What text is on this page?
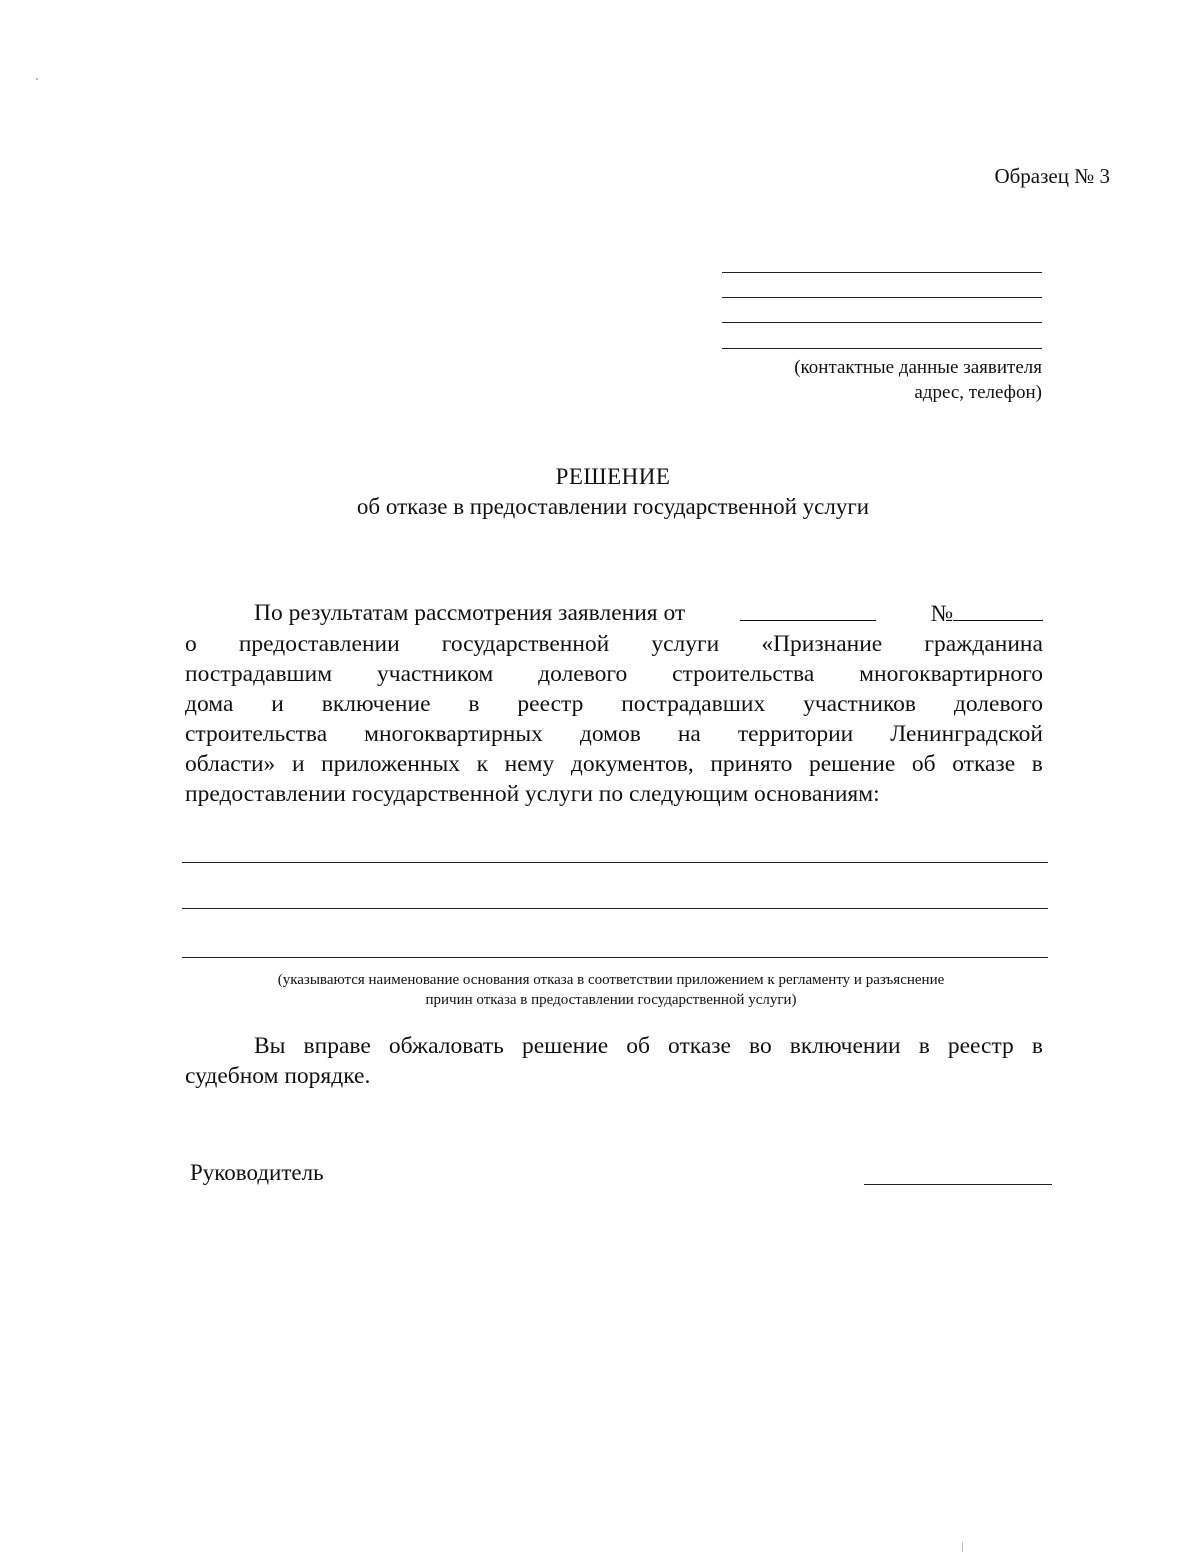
Образец № 3
(контактные данные заявителя
адрес, телефон)
РЕШЕНИЕ
об отказе в предоставлении государственной услуги
По результатам рассмотрения заявления от	№
о предоставлении государственной услуги «Признание гражданина
пострадавшим участником долевого строительства многоквартирного
дома и включение в реестр пострадавших участников долевого
строительства многоквартирных домов на территории Ленинградской
области» и приложенных к нему документов, принято решение об отказе в
предоставлении государственной услуги по следующим основаниям:
(указываются наименование основания отказа в соответствии приложением к регламенту и разъяснение
причин отказа в предоставлении государственной услуги)
Вы вправе обжаловать решение об отказе во включении в реестр в
судебном порядке.
Руководитель
